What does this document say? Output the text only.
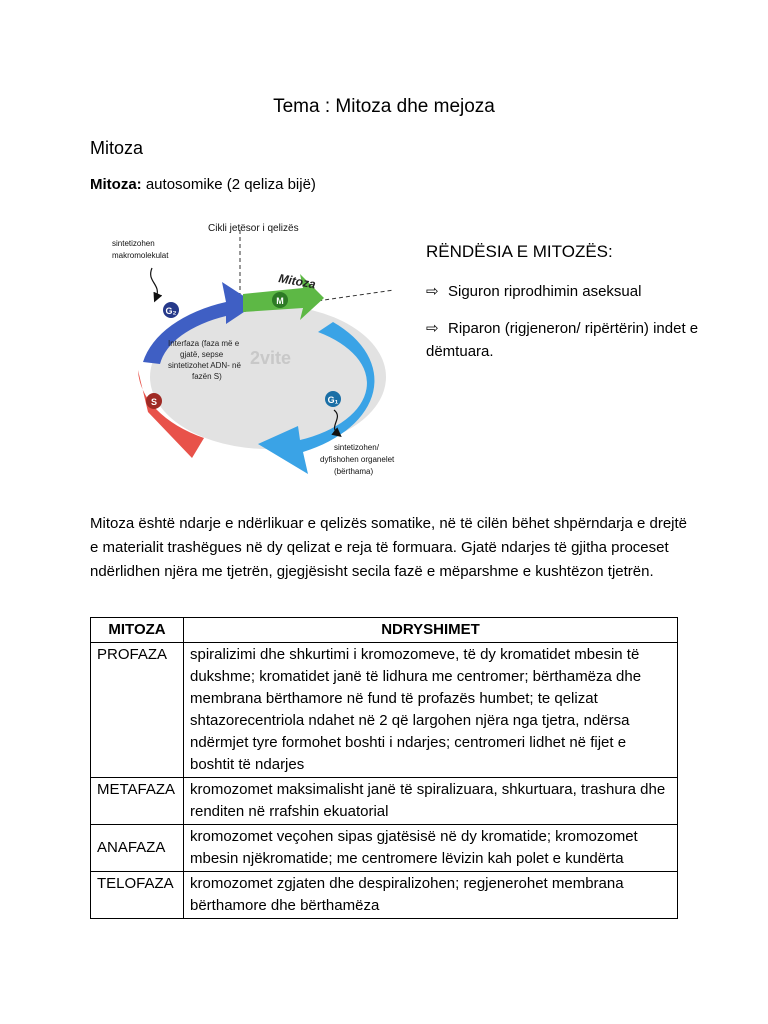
Tema : Mitoza dhe mejoza
Mitoza
Mitoza: autosomike (2 qeliza bijë)
Cikli jetësor i qelizës
Mitoza
M
G₂
S	G₁
sintetizohen
makromolekulat
Interfaza (faza më e
gjatë, sepse
sintetizohet ADN- në
fazën S)
2vite
sintetizohen/
dyfishohen organelet
(bërthama)
RËNDËSIA E MITOZËS:
⇨ Siguron riprodhimin aseksual
⇨ Riparon (rigjeneron/ ripërtërin) indet e dëmtuara.
Mitoza është ndarje e ndërlikuar e qelizës somatike, në të cilën bëhet shpërndarja e drejtë e materialit trashëgues në dy qelizat e reja të formuara. Gjatë ndarjes të gjitha proceset ndërlidhen njëra me tjetrën, gjegjësisht secila fazë e mëparshme e kushtëzon tjetrën.
MITOZA	NDRYSHIMET
PROFAZA	spiralizimi dhe shkurtimi i kromozomeve, të dy kromatidet mbesin të dukshme; kromatidet janë të lidhura me centromer; bërthamëza dhe membrana bërthamore në fund të profazës humbet; te qelizat shtazorecentriola ndahet në 2 që largohen njëra nga tjetra, ndërsa ndërmjet tyre formohet boshti i ndarjes; centromeri lidhet në fijet e boshtit të ndarjes
METAFAZA	kromozomet maksimalisht janë të spiralizuara, shkurtuara, trashura dhe renditen në rrafshin ekuatorial
ANAFAZA	kromozomet veçohen sipas gjatësisë në dy kromatide; kromozomet mbesin njëkromatide; me centromere lëvizin kah polet e kundërta
TELOFAZA	kromozomet zgjaten dhe despiralizohen; regjenerohet membrana bërthamore dhe bërthamëza
